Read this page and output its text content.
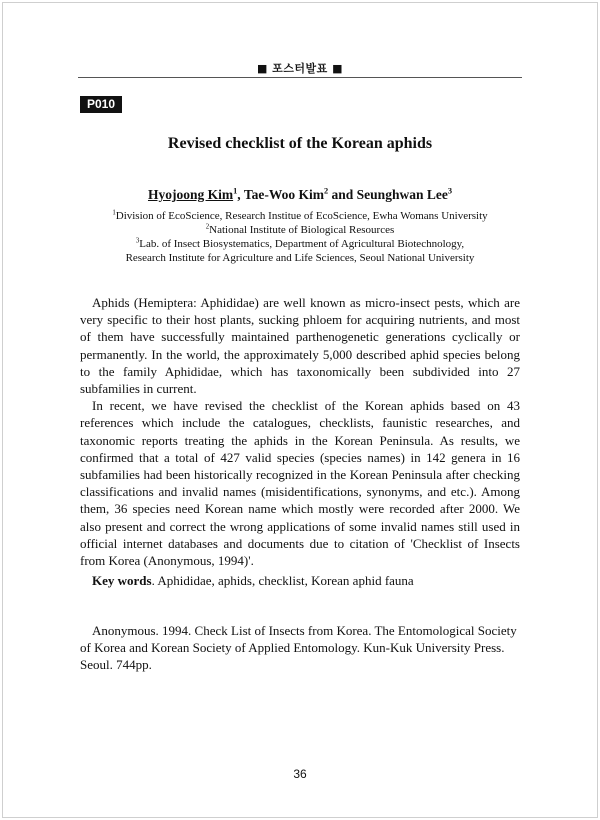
■ 포스터발표 ■
P010
Revised checklist of the Korean aphids
Hyojoong Kim$^1$, Tae-Woo Kim$^2$ and Seunghwan Lee$^3$
$^1$Division of EcoScience, Research Institue of EcoScience, Ewha Womans University
$^2$National Institute of Biological Resources
$^3$Lab. of Insect Biosystematics, Department of Agricultural Biotechnology,
Research Institute for Agriculture and Life Sciences, Seoul National University

Aphids (Hemiptera: Aphididae) are well known as micro-insect pests, which are very specific to their host plants, sucking phloem for acquiring nutrients, and most of them have successfully maintained parthenogenetic generations cyclically or permanently. In the world, the approximately 5,000 described aphid species belong to the family Aphididae, which has taxonomically been subdivided into 27 subfamilies in current.

In recent, we have revised the checklist of the Korean aphids based on 43 references which include the catalogues, checklists, faunistic researches, and taxonomic reports treating the aphids in the Korean Peninsula. As results, we confirmed that a total of 427 valid species (species names) in 142 genera in 16 subfamilies had been historically recognized in the Korean Peninsula after checking classifications and invalid names (misidentifications, synonyms, and etc.). Among them, 36 species need Korean name which mostly were recorded after 2000. We also present and correct the wrong applications of some invalid names still used in official internet databases and documents due to citation of 'Checklist of Insects from Korea (Anonymous, 1994)'.

Key words. Aphididae, aphids, checklist, Korean aphid fauna

Anonymous. 1994. Check List of Insects from Korea. The Entomological Society of Korea and Korean Society of Applied Entomology. Kun-Kuk University Press. Seoul. 744pp.

36
